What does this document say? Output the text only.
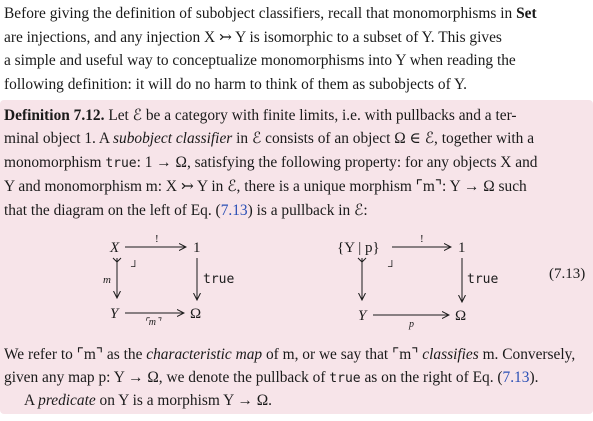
Before giving the definition of subobject classifiers, recall that monomorphisms in Set
are injections, and any injection X ↣ Y is isomorphic to a subset of Y. This gives
a simple and useful way to conceptualize monomorphisms into Y when reading the
following definition: it will do no harm to think of them as subobjects of Y.
Definition 7.12. Let ℰ be a category with finite limits, i.e. with pullbacks and a ter-
minal object 1. A subobject classifier in ℰ consists of an object Ω ∈ ℰ, together with a
monomorphism true: 1 → Ω, satisfying the following property: for any objects X and
Y and monomorphism m: X ↣ Y in ℰ, there is a unique morphism ⌜m⌝: Y → Ω such
that the diagram on the left of Eq. (7.13) is a pullback in ℰ:
X	1
Y	Ω
!
m
┘
true
⌜m⌝
{Y | p}	1
Y	Ω
!
┘
true
p
(7.13)
We refer to ⌜m⌝ as the characteristic map of m, or we say that ⌜m⌝ classifies m. Conversely,
given any map p: Y → Ω, we denote the pullback of true as on the right of Eq. (7.13).
A predicate on Y is a morphism Y → Ω.
